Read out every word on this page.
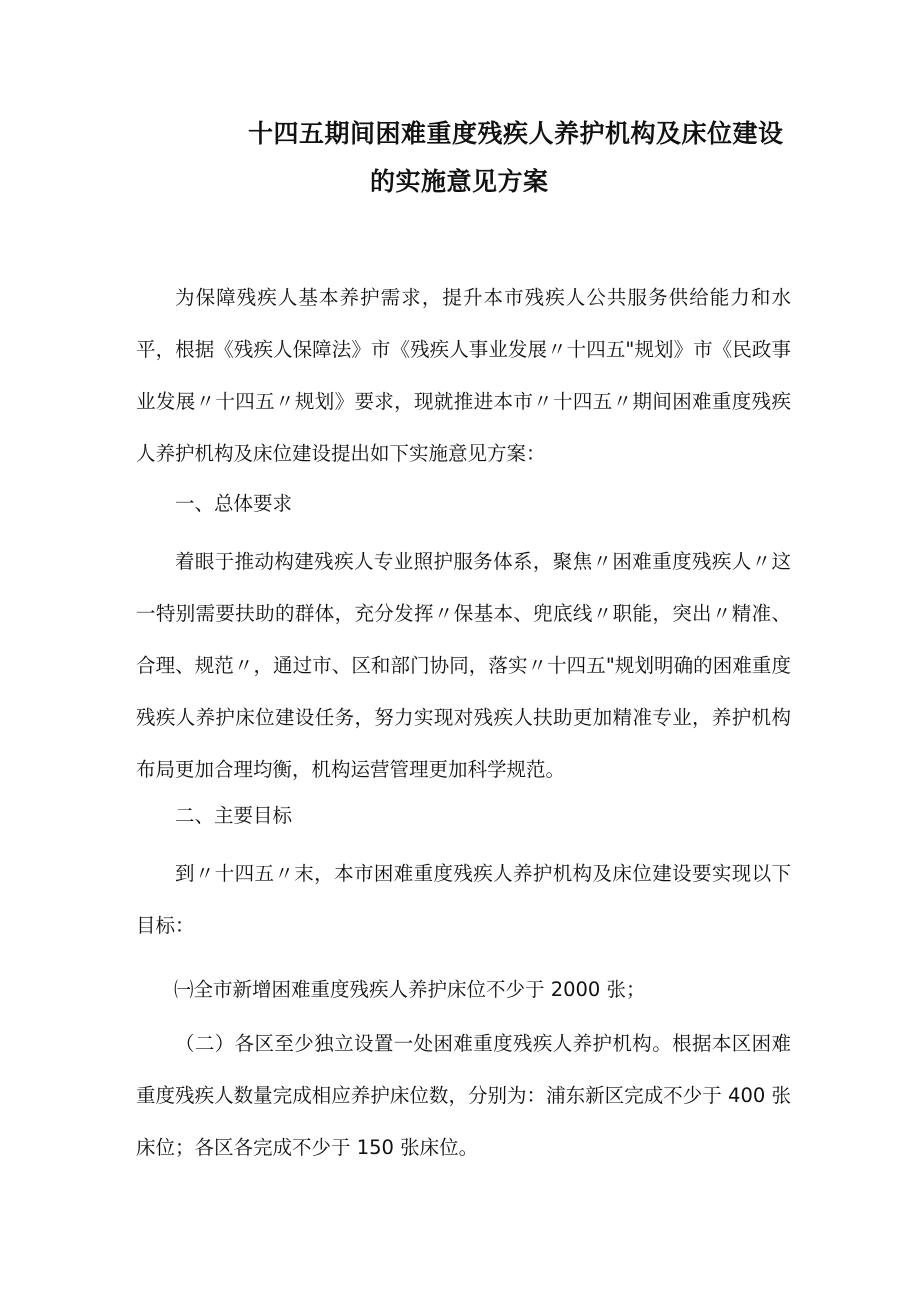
十四五期间困难重度残疾人养护机构及床位建设
的实施意见方案

为保障残疾人基本养护需求，提升本市残疾人公共服务供给能力和水平，根据《残疾人保障法》市《残疾人事业发展〃十四五"规划》市《民政事业发展〃十四五〃规划》要求，现就推进本市〃十四五〃期间困难重度残疾人养护机构及床位建设提出如下实施意见方案：

一、总体要求

着眼于推动构建残疾人专业照护服务体系，聚焦〃困难重度残疾人〃这一特别需要扶助的群体，充分发挥〃保基本、兜底线〃职能，突出〃精准、合理、规范〃，通过市、区和部门协同，落实〃十四五"规划明确的困难重度残疾人养护床位建设任务，努力实现对残疾人扶助更加精准专业，养护机构布局更加合理均衡，机构运营管理更加科学规范。

二、主要目标

到〃十四五〃末，本市困难重度残疾人养护机构及床位建设要实现以下目标：

㈠全市新增困难重度残疾人养护床位不少于 2000 张；

（二）各区至少独立设置一处困难重度残疾人养护机构。根据本区困难重度残疾人数量完成相应养护床位数，分别为：浦东新区完成不少于 400 张床位；各区各完成不少于 150 张床位。
